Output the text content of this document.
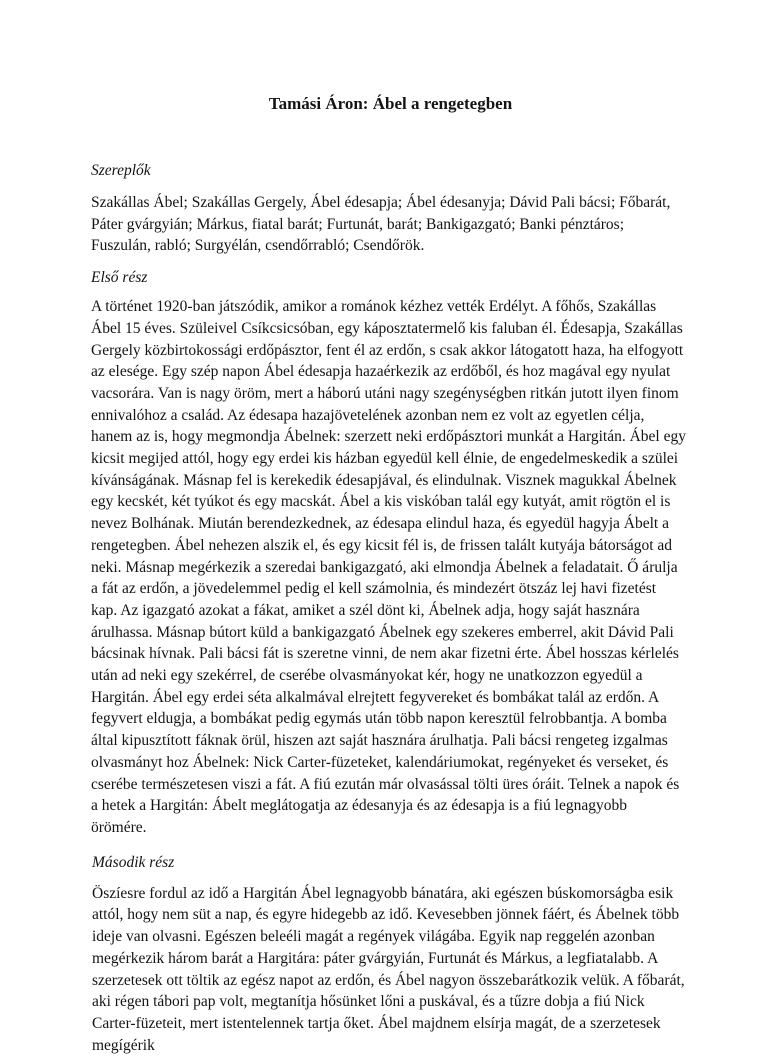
Tamási Áron: Ábel a rengetegben
Szereplők

Szakállas Ábel; Szakállas Gergely, Ábel édesapja; Ábel édesanyja; Dávid Pali bácsi; Főbarát, Páter gvárgyián; Márkus, fiatal barát; Furtunát, barát; Bankigazgató; Banki pénztáros; Fuszulán, rabló; Surgyélán, csendőrrabló; Csendőrök.

Első rész

A történet 1920-ban játszódik, amikor a románok kézhez vették Erdélyt. A főhős, Szakállas Ábel 15 éves. Szüleivel Csíkcsicsóban, egy káposztatermelő kis faluban él. Édesapja, Szakállas Gergely közbirtokossági erdőpásztor, fent él az erdőn, s csak akkor látogatott haza, ha elfogyott az elesége. Egy szép napon Ábel édesapja hazaérkezik az erdőből, és hoz magával egy nyulat vacsorára. Van is nagy öröm, mert a háború utáni nagy szegénységben ritkán jutott ilyen finom ennivalóhoz a család. Az édesapa hazajövetelének azonban nem ez volt az egyetlen célja, hanem az is, hogy megmondja Ábelnek: szerzett neki erdőpásztori munkát a Hargitán. Ábel egy kicsit megijed attól, hogy egy erdei kis házban egyedül kell élnie, de engedelmeskedik a szülei kívánságának. Másnap fel is kerekedik édesapjával, és elindulnak. Visznek magukkal Ábelnek egy kecskét, két tyúkot és egy macskát. Ábel a kis viskóban talál egy kutyát, amit rögtön el is nevez Bolhának. Miután berendezkednek, az édesapa elindul haza, és egyedül hagyja Ábelt a rengetegben. Ábel nehezen alszik el, és egy kicsit fél is, de frissen talált kutyája bátorságot ad neki. Másnap megérkezik a szeredai bankigazgató, aki elmondja Ábelnek a feladatait. Ő árulja a fát az erdőn, a jövedelemmel pedig el kell számolnia, és mindezért ötszáz lej havi fizetést kap. Az igazgató azokat a fákat, amiket a szél dönt ki, Ábelnek adja, hogy saját hasznára árulhassa. Másnap bútort küld a bankigazgató Ábelnek egy szekeres emberrel, akit Dávid Pali bácsinak hívnak. Pali bácsi fát is szeretne vinni, de nem akar fizetni érte. Ábel hosszas kérlelés után ad neki egy szekérrel, de cserébe olvasmányokat kér, hogy ne unatkozzon egyedül a Hargitán. Ábel egy erdei séta alkalmával elrejtett fegyvereket és bombákat talál az erdőn. A fegyvert eldugja, a bombákat pedig egymás után több napon keresztül felrobbantja. A bomba által kipusztított fáknak örül, hiszen azt saját hasznára árulhatja. Pali bácsi rengeteg izgalmas olvasmányt hoz Ábelnek: Nick Carter-füzeteket, kalendáriumokat, regényeket és verseket, és cserébe természetesen viszi a fát. A fiú ezután már olvasással tölti üres óráit. Telnek a napok és a hetek a Hargitán: Ábelt meglátogatja az édesanyja és az édesapja is a fiú legnagyobb örömére.

Második rész

Öszíesre fordul az idő a Hargitán Ábel legnagyobb bánatára, aki egészen búskomorságba esik attól, hogy nem süt a nap, és egyre hidegebb az idő. Kevesebben jönnek fáért, és Ábelnek több ideje van olvasni. Egészen beleéli magát a regények világába. Egyik nap reggelén azonban megérkezik három barát a Hargitára: páter gvárgyián, Furtunát és Márkus, a legfiatalabb. A szerzetesek ott töltik az egész napot az erdőn, és Ábel nagyon összebarátkozik velük. A főbarát, aki régen tábori pap volt, megtanítja hősünket lőni a puskával, és a tűzre dobja a fiú Nick Carter-füzeteit, mert istentelennek tartja őket. Ábel majdnem elsírja magát, de a szerzetesek megígérik
